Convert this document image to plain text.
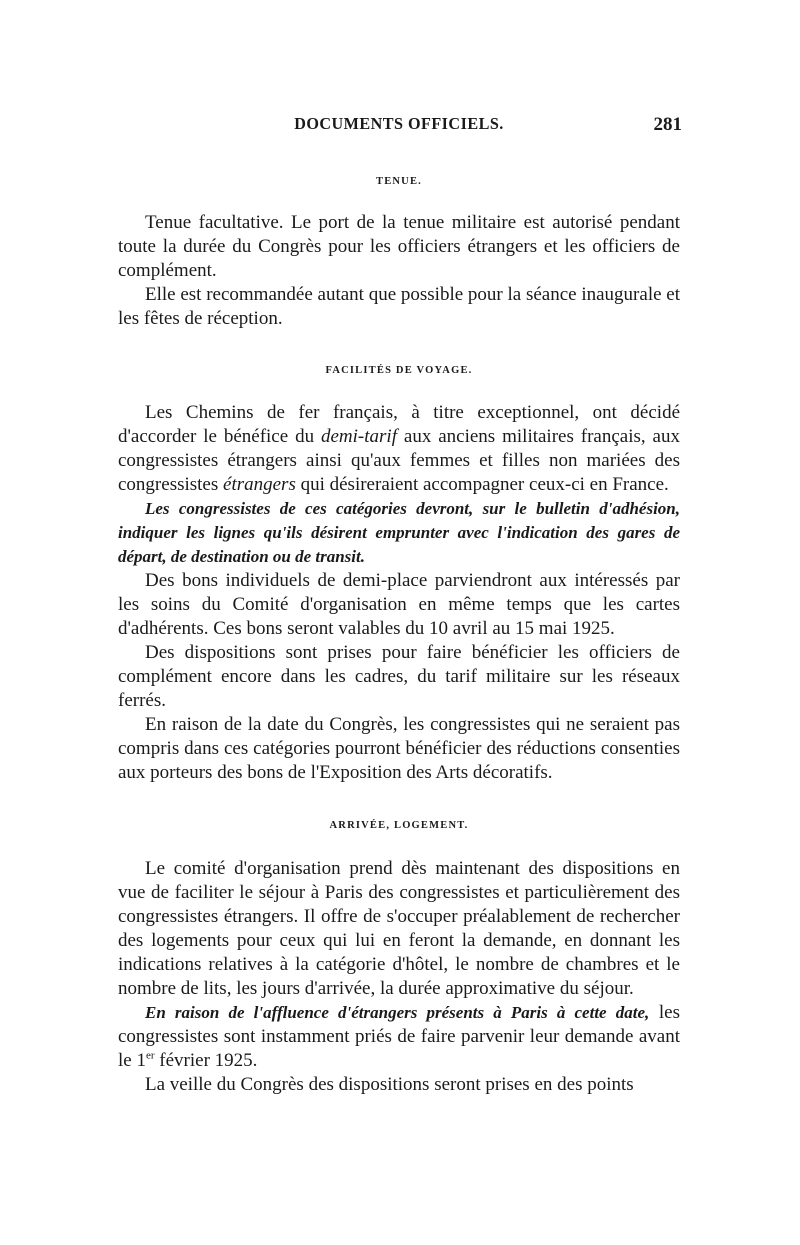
DOCUMENTS OFFICIELS.	281
TENUE.

Tenue facultative. Le port de la tenue militaire est autorisé pendant toute la durée du Congrès pour les officiers étrangers et les officiers de complément.

Elle est recommandée autant que possible pour la séance inaugurale et les fêtes de réception.

FACILITÉS DE VOYAGE.

Les Chemins de fer français, à titre exceptionnel, ont décidé d'accorder le bénéfice du demi-tarif aux anciens militaires français, aux congressistes étrangers ainsi qu'aux femmes et filles non mariées des congressistes étrangers qui désireraient accompagner ceux-ci en France.

Les congressistes de ces catégories devront, sur le bulletin d'adhésion, indiquer les lignes qu'ils désirent emprunter avec l'indication des gares de départ, de destination ou de transit.

Des bons individuels de demi-place parviendront aux intéressés par les soins du Comité d'organisation en même temps que les cartes d'adhérents. Ces bons seront valables du 10 avril au 15 mai 1925.

Des dispositions sont prises pour faire bénéficier les officiers de complément encore dans les cadres, du tarif militaire sur les réseaux ferrés.

En raison de la date du Congrès, les congressistes qui ne seraient pas compris dans ces catégories pourront bénéficier des réductions consenties aux porteurs des bons de l'Exposition des Arts décoratifs.

ARRIVÉE, LOGEMENT.

Le comité d'organisation prend dès maintenant des dispositions en vue de faciliter le séjour à Paris des congressistes et particulièrement des congressistes étrangers. Il offre de s'occuper préalablement de rechercher des logements pour ceux qui lui en feront la demande, en donnant les indications relatives à la catégorie d'hôtel, le nombre de chambres et le nombre de lits, les jours d'arrivée, la durée approximative du séjour.

En raison de l'affluence d'étrangers présents à Paris à cette date, les congressistes sont instamment priés de faire parvenir leur demande avant le 1er février 1925.

La veille du Congrès des dispositions seront prises en des points
